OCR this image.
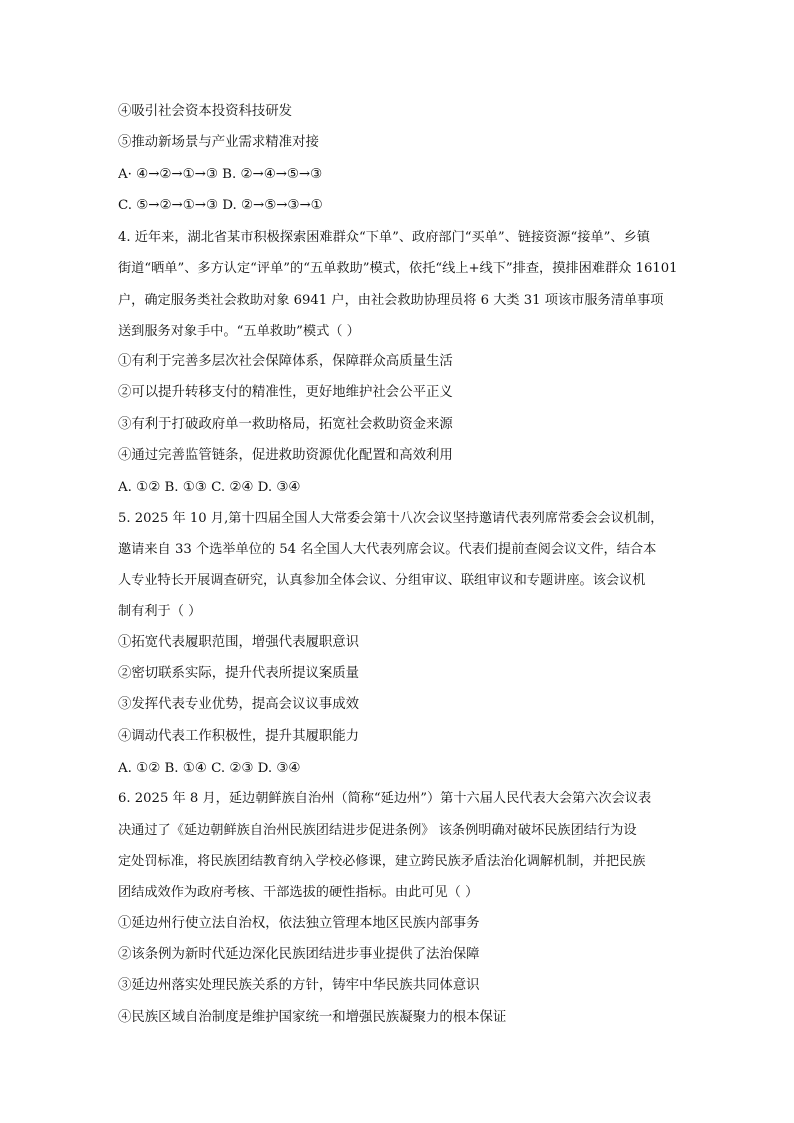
④吸引社会资本投资科技研发
⑤推动新场景与产业需求精准对接
A· ④→②→①→③ B. ②→④→⑤→③
C. ⑤→②→①→③ D. ②→⑤→③→①
4. 近年来，湖北省某市积极探索困难群众“下单”、政府部门“买单”、链接资源“接单”、乡镇
街道“晒单”、多方认定“评单”的“五单救助”模式，依托“线上+线下”排查，摸排困难群众 16101
户，确定服务类社会救助对象 6941 户，由社会救助协理员将 6 大类 31 项该市服务清单事项
送到服务对象手中。“五单救助”模式（ ）
①有利于完善多层次社会保障体系，保障群众高质量生活
②可以提升转移支付的精准性，更好地维护社会公平正义
③有利于打破政府单一救助格局，拓宽社会救助资金来源
④通过完善监管链条，促进救助资源优化配置和高效利用
A. ①② B. ①③ C. ②④ D. ③④
5. 2025 年 10 月,第十四届全国人大常委会第十八次会议坚持邀请代表列席常委会会议机制，
邀请来自 33 个选举单位的 54 名全国人大代表列席会议。代表们提前查阅会议文件，结合本
人专业特长开展调查研究，认真参加全体会议、分组审议、联组审议和专题讲座。该会议机
制有利于（ ）
①拓宽代表履职范围，增强代表履职意识
②密切联系实际，提升代表所提议案质量
③发挥代表专业优势，提高会议议事成效
④调动代表工作积极性，提升其履职能力
A. ①② B. ①④ C. ②③ D. ③④
6. 2025 年 8 月，延边朝鲜族自治州（简称“延边州”）第十六届人民代表大会第六次会议表
决通过了《延边朝鲜族自治州民族团结进步促进条例》 该条例明确对破坏民族团结行为设
定处罚标准，将民族团结教育纳入学校必修课，建立跨民族矛盾法治化调解机制，并把民族
团结成效作为政府考核、干部选拔的硬性指标。由此可见（ ）
①延边州行使立法自治权，依法独立管理本地区民族内部事务
②该条例为新时代延边深化民族团结进步事业提供了法治保障
③延边州落实处理民族关系的方针，铸牢中华民族共同体意识
④民族区域自治制度是维护国家统一和增强民族凝聚力的根本保证
